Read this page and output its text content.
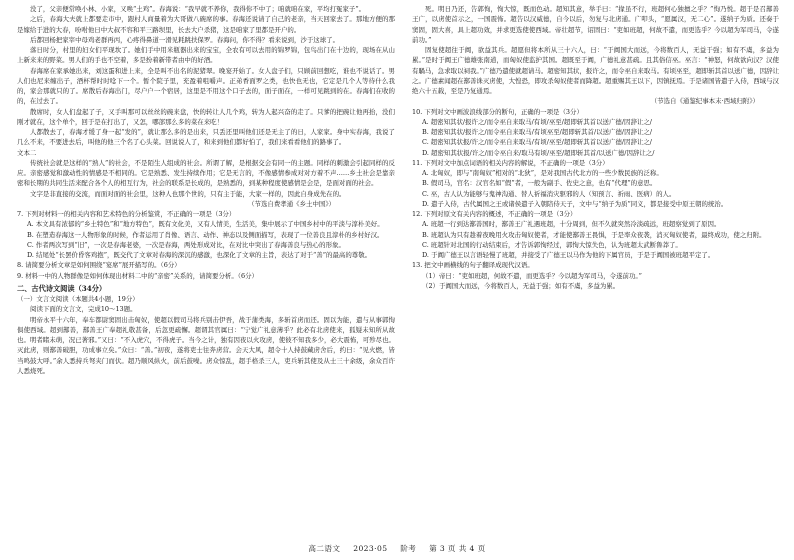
没了，父亲便常唤小林、小家，又唤“土鸡”。春海说：“我早就不养你，我得你不中了；咱就咱在家，平均打冤家子”。

之后，春海大夫就上都要走市中，跟村人商量着为大哥做八碗席的事。春海还说请了自己的老亲，当天回家去了。那地方便的那是嫁给于进的大春，吩咐他日中大叔不容和平三路坝里，长去大户杀猪，这是咱家了里都是开户的。

后都回杨把家宰中母鸡老群再丙，心疼得鼻道一滑见耗跳扶保罗。春海问，你不得？看来说到，沙于这球了。

落日时分，村里的妇女们平现坎了。她们手中用米瓶器出来的宝宝，全农有可以去用的锦罗锦，包鸟出门在十边的，现场在从山上新来来的野菜。男人们的手也不空着，多是扮着新带者由中的好酒。

春海席在家承她出来，刘这蛋和进上来，全是叫不出名的泥猪翠。晚宴开始了。女人盘子们，只顾前回想吃，谁也不说话了。男人们也尼来缠出子，酒杯帮时时唸下一个。暂个院子里，充盈着咀嚼声。正弟香面罗之类，也快也无也，它定是几个人等待什么我的，家会那就只的了。席散后春海出门，尽户户一个宿居，这里是不用这个口子去的，面子面在，一样可见跳到的在。春海们在收的的，在过去了。

散席时，女人们盘起了子，又手叫那可以丝丝的碗来盘，快的转让人几个鸡，转为人起兴奋的走了。只爹的把碗让他再抬，没们刚才就在，这个单个，回于是在打出了，又怎，哪部那么多的菜在来吃！

人都散去了，春海才缓了身一起“发的”，就让那么多的是出来，只丢还里叫他们还是无主了的日，人家家。身中实春海，我说了几么不来，不要进去后，叫他的他三个名了心头菜。回说说人了，和来到他们都好怕了，我们来看看他们的路事了。

文本二

传统社会就是这样的“熟人”的社会，不是陌生人组成的社会。所谓了解，是根据交会有同一的主题。同样的刺激会引起同样的反应。亲密感觉和激动性的情感是不相同的。它是熟悉、发生持续作用；它是无言的，不像感情参成对对方着不声……乡土社会是靠亲密和长期的共同生活来配合各个人的相互行为，社会的联系是长成的，是熟悉的，到某种程度使感情是会是，是面对面的社会。

文字是非直接的交流，而面对面的社会里，这种人也那个世的，只有主于能，大家一样的，因此自身成先在的。

（节选自费孝通《乡土中国》）

7. 下列对材料一的相关内容和艺术特色的分析鉴赏，不正确的一项是（3分）

A. 本文具有浓郁的“乡土特色”和“地方特色”，既有文化美，又有人情美，生活美，集中展示了中国乡村中的平淡与淳朴美好。

B. 在塑造春海这一人物形象的时候，作者运用了肖像、语言、动作、神态以及侧面描写，表现了一位善良且淳朴的乡村好汉。

C. 作者两次写到“旧”，一次是春海老婆，一次是春海，两处形成对比，在对比中突出了春海善良与热心的形象。

D. 结尾处“长罢价昏客鸡抱”，既交代了文章对春海的深沉的感激，也深化了文章的主旨，表达了对于“善”的最高的尊敬。

8. 请简要分析文章是如何围绕“宴席”展开描写的。（6分）

9. 材料一中的人物群像是如何体现出材料二中的“亲密”关系的，请简要分析。（6分）

二、古代诗文阅读（34分）

（一）文言文阅读（本题共4小题，19分）

阅读下面的文言文，完成10～13题。

明帝永平十六年，奉车都尉窦固出击匈奴，使超以假司马将兵别击伊吾，战于蒲类海，多斩首虏而还。固以为能，遣与从事郭恂俱使西域。超到鄯善，鄯善王广奉超礼敬甚备，后忽更疏懈。超谓其官属曰：“宁觉广礼意薄乎？此必有北虏使来，狐疑未知所从故也。明者睹未萌，况已著邪。”又曰：“不入虎穴，不得虎子。当今之计，独有因夜以火攻虏，使彼不知我多少，必大震怖，可殄尽也。灭此虏，则鄯善破胆，功成事立矣。”众曰：“善。”初夜，遂将吏士往奔虏营。会天大风，超令十人持鼓藏虏舍后，约曰：“见火燃，皆当鸣鼓大呼。”余人悉持兵弩夹门而伏。超乃顺风纵火，前后鼓噪。虏众惊乱，超手格杀三人，吏兵斩其使及从士三十余级，余众百许人悉烧死。

死。明日乃还，告郭恂，恂大惊，既而色动。超知其意，举手曰：“掾虽不行，班超何心独擅之乎？”恂乃悦。超于是召鄯善王广，以虏使首示之，一国震怖。超告以汉威德，自今以后，勿复与北虏通。广叩头，“愿属汉，无二心”。遂纳子为质。还奏于窦固，固大喜，具上超功效，并求更选使使西域。帝壮超节，诏固曰：“吏如班超，何故不遣，而更选乎？今以超为军司马，令遂前功。”

固复使超往于阗，欲益其兵。超愿但将本所从三十六人，曰：“于阗国大而远，今将数百人，无益于强；如有不虞，多益为累。”是时于阗王广德雄张南道，而匈奴使监护其国。超既至于阗，广德礼意甚疏。且其俗信巫。巫言：“神怒，何故欲向汉？汉使有騧马，急求取以祠我。”广德乃遣使就超请马。超密知其状，报许之，而令巫自来取马。有顷巫至，超即斩其首以送广德，因辞让之。广德素闻超在鄯善诛灭虏使，大惶恐，即攻杀匈奴使者而降超。超重赐其王以下，因镇抚焉。于是诸国皆遣子入侍，西域与汉绝六十五载，至是乃复通焉。

（节选自《通鉴纪事本末·西域归附》）

10. 下列对文中画波浪线部分的断句，正确的一项是（3分）

A. 超密知其状/报许之/而令巫自来取马/有顷/巫至/超即斩其首以送广德/因辞让之/

B. 超密知其状/报许之/而令巫自来取马/有顷巫至/超即斩其首/以送广德/因辞让之/

C. 超密知其状报/许之/而令巫自来取马/有顷/巫至/超即斩其首以送广德/因辞让之/

D. 超密知其状报/许之/而令巫自来/取马有顷/巫至/超即斩其首/以送广德/因辞让之/

11. 下列对文中加点词语的相关内容的解说，不正确的一项是（3分）

A. 北匈奴，即与“南匈奴”相对的“北狄”，是对我国古代北方的一些少数民族的泛称。

B. 假司马，官名：汉官名如“假”者，一般为副手、佐史之意，也有“代理”的意思。

C. 巫，古人认为能够与鬼神沟通、替人祈福消灾驱邪的人（知预言、祈雨、医病）的人。

D. 遣子入侍，古代属国之王或诸侯遣子入朝陪侍天子，文中与“纳子为质”同义，都是接受中原王朝的统治。

12. 下列对原文有关内容的概述，不正确的一项是（3分）

A. 班超一行到达鄯善国时，鄯善王广礼遇班超，十分周到，但不久就突然冷淡疏远，班超察觉到了原因。

B. 班超认为只有趁着夜晚用火攻击匈奴使者，才能使鄯善王畏惧，于是率众夜袭，消灭匈奴使者，最终成功，使之归附。

C. 班超针对北国的行动结束后，才告诉郭恂经过，郭恂大惊失色，认为班超太武断鲁莽了。

D. 于阗广德王以言语轻慢了班超，并接受了广德王以马作为他的下属官员，于是于阗国被班超平定了。

13. 把文中画横线的句子翻译成现代汉语。

（1）帝曰：“吏如班超，何故不遣，而更选乎？今以超为军司马，令遂前功。”

（2）于阗国大而远，今将数百人，无益于强；如有不虞，多益为累。

高二语文 2023·05 阶考 第 3 页 共 4 页
